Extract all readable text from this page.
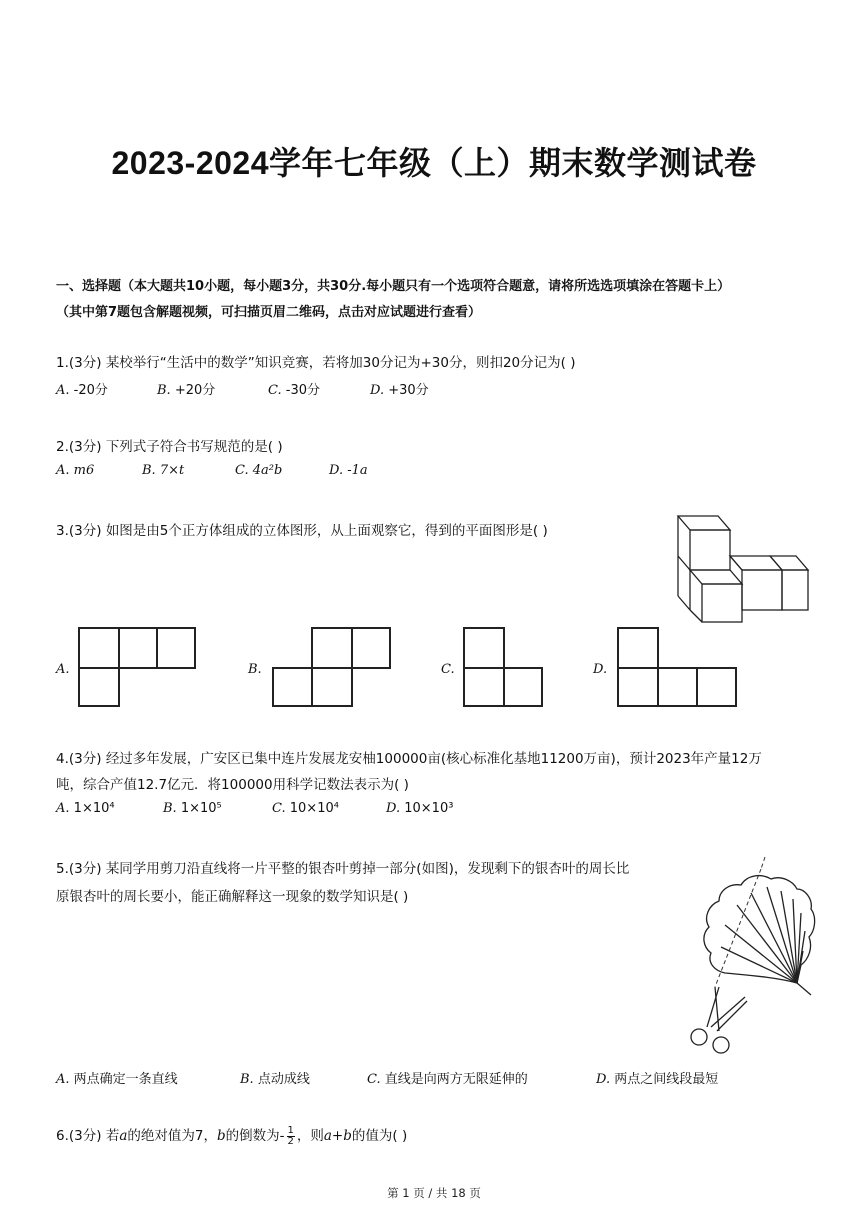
2023-2024学年七年级（上）期末数学测试卷
一、选择题（本大题共10小题，每小题3分，共30分.每小题只有一个选项符合题意，请将所选选项填涂在答题卡上）
（其中第7题包含解题视频，可扫描页眉二维码，点击对应试题进行查看）
1.(3分) 某校举行“生活中的数学”知识竞赛，若将加30分记为+30分，则扣20分记为( )
A. -20分	B. +20分	C. -30分	D. +30分
2.(3分) 下列式子符合书写规范的是( )
A. m6	B. 7×t	C. 4a²b	D. -1a
3.(3分) 如图是由5个正方体组成的立体图形，从上面观察它，得到的平面图形是( )
A.	B.	C.	D.
4.(3分) 经过多年发展，广安区已集中连片发展龙安柚100000亩(核心标准化基地11200万亩)，预计2023年产量12万
吨，综合产值12.7亿元．将100000用科学记数法表示为( )
A. 1×10⁴	B. 1×10⁵	C. 10×10⁴	D. 10×10³
5.(3分) 某同学用剪刀沿直线将一片平整的银杏叶剪掉一部分(如图)，发现剩下的银杏叶的周长比
原银杏叶的周长要小，能正确解释这一现象的数学知识是( )
A. 两点确定一条直线	B. 点动成线	C. 直线是向两方无限延伸的	D. 两点之间线段最短
6.(3分) 若a的绝对值为7，b的倒数为- $\frac{1}{2}$ ，则a+b的值为( )
第 1 页 / 共 18 页
